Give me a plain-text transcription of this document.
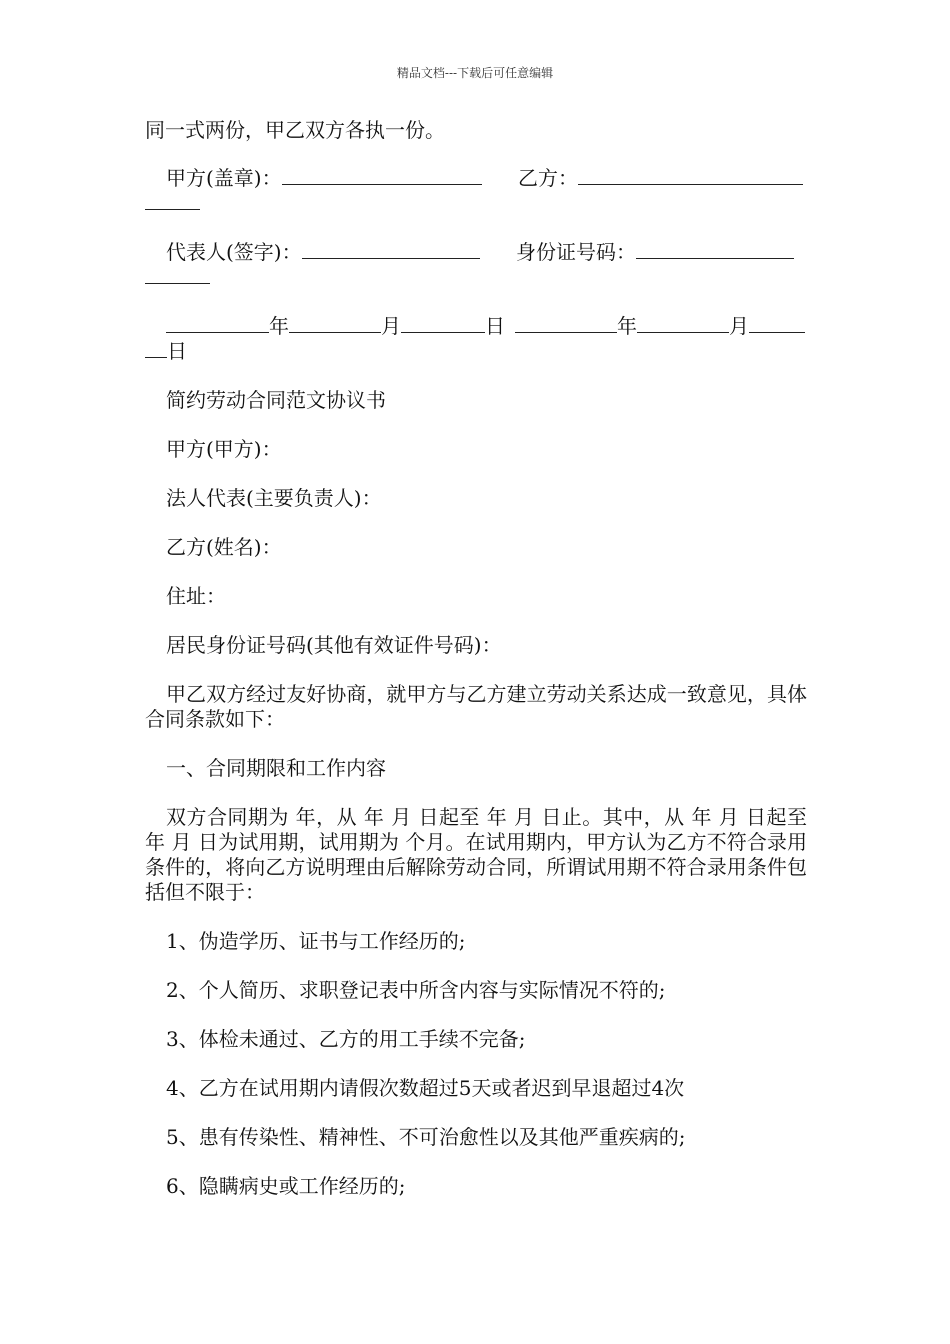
精品文档---下载后可任意编辑

同一式两份，甲乙双方各执一份。

甲方(盖章)：	乙方：
代表人(签字)：	身份证号码：
年	月	日	年	月
日

简约劳动合同范文协议书

甲方(甲方)：

法人代表(主要负责人)：

乙方(姓名)：

住址：

居民身份证号码(其他有效证件号码)：

甲乙双方经过友好协商，就甲方与乙方建立劳动关系达成一致意见，具体合同条款如下：

一、合同期限和工作内容

双方合同期为 年，从 年 月 日起至 年 月 日止。其中，从 年 月 日起至 年 月 日为试用期，试用期为 个月。在试用期内，甲方认为乙方不符合录用条件的，将向乙方说明理由后解除劳动合同，所谓试用期不符合录用条件包括但不限于：

1、伪造学历、证书与工作经历的;

2、个人简历、求职登记表中所含内容与实际情况不符的;

3、体检未通过、乙方的用工手续不完备;

4、乙方在试用期内请假次数超过5天或者迟到早退超过4次

5、患有传染性、精神性、不可治愈性以及其他严重疾病的;

6、隐瞒病史或工作经历的;
